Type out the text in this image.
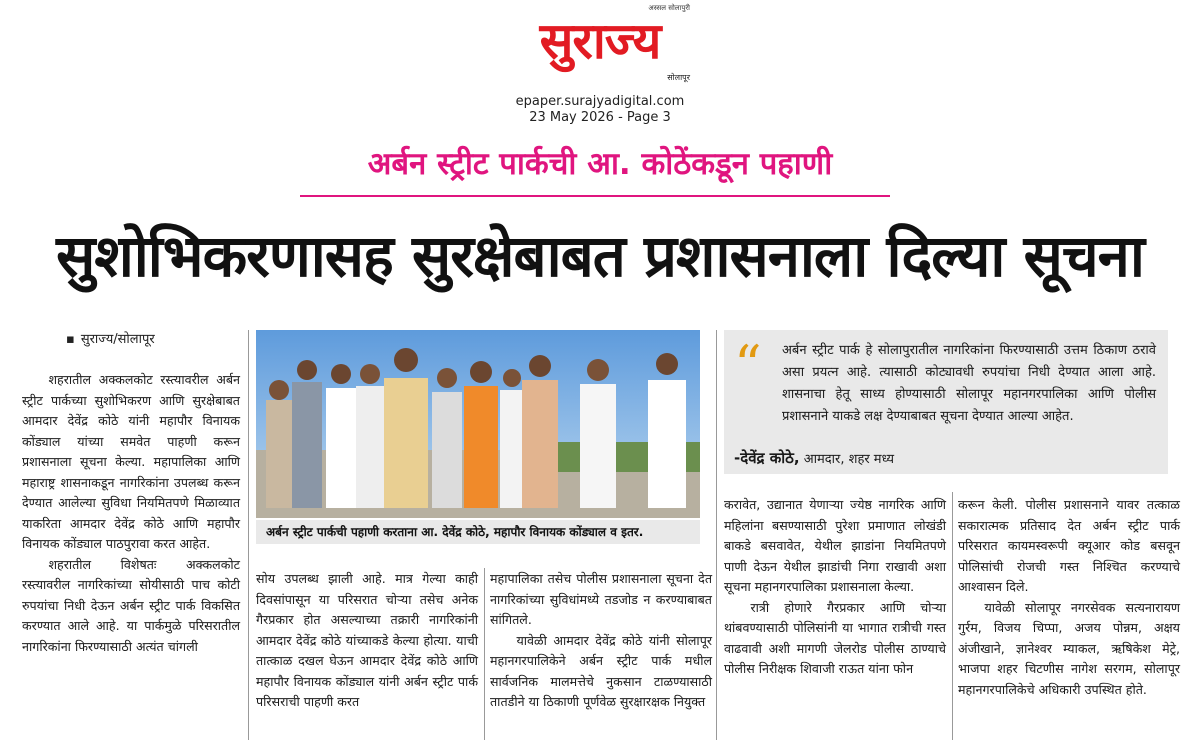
अस्सल सोलापुरी
सुराज्य
सोलापूर
epaper.surajyadigital.com
23 May 2026 - Page 3
अर्बन स्ट्रीट पार्कची आ. कोठेंकडून पहाणी
सुशोभिकरणासह सुरक्षेबाबत प्रशासनाला दिल्या सूचना
▪ सुराज्य/सोलापूर

शहरातील अक्कलकोट रस्त्यावरील अर्बन स्ट्रीट पार्कच्या सुशोभिकरण आणि सुरक्षेबाबत आमदार देवेंद्र कोठे यांनी महापौर विनायक कोंड्याल यांच्या समवेत पाहणी करून प्रशासनाला सूचना केल्या. महापालिका आणि महाराष्ट्र शासनाकडून नागरिकांना उपलब्ध करून देण्यात आलेल्या सुविधा नियमितपणे मिळाव्यात याकरिता आमदार देवेंद्र कोठे आणि महापौर विनायक कोंड्याल पाठपुरावा करत आहेत.

शहरातील विशेषतः अक्कलकोट रस्त्यावरील नागरिकांच्या सोयीसाठी पाच कोटी रुपयांचा निधी देऊन अर्बन स्ट्रीट पार्क विकसित करण्यात आले आहे. या पार्कमुळे परिसरातील नागरिकांना फिरण्यासाठी अत्यंत चांगली

अर्बन स्ट्रीट पार्कची पहाणी करताना आ. देवेंद्र कोठे, महापौर विनायक कोंड्याल व इतर.

सोय उपलब्ध झाली आहे. मात्र गेल्या काही दिवसांपासून या परिसरात चोऱ्या तसेच अनेक गैरप्रकार होत असल्याच्या तक्रारी नागरिकांनी आमदार देवेंद्र कोठे यांच्याकडे केल्या होत्या. याची तात्काळ दखल घेऊन आमदार देवेंद्र कोठे आणि महापौर विनायक कोंड्याल यांनी अर्बन स्ट्रीट पार्क परिसराची पाहणी करत

महापालिका तसेच पोलीस प्रशासनाला सूचना देत नागरिकांच्या सुविधांमध्ये तडजोड न करण्याबाबत सांगितले.

यावेळी आमदार देवेंद्र कोठे यांनी सोलापूर महानगरपालिकेने अर्बन स्ट्रीट पार्क मधील सार्वजनिक मालमत्तेचे नुकसान टाळण्यासाठी तातडीने या ठिकाणी पूर्णवेळ सुरक्षारक्षक नियुक्त

“ अर्बन स्ट्रीट पार्क हे सोलापुरातील नागरिकांना फिरण्यासाठी उत्तम ठिकाण ठरावे असा प्रयत्न आहे. त्यासाठी कोट्यावधी रुपयांचा निधी देण्यात आला आहे. शासनाचा हेतू साध्य होण्यासाठी सोलापूर महानगरपालिका आणि पोलीस प्रशासनाने याकडे लक्ष देण्याबाबत सूचना देण्यात आल्या आहेत.
-देवेंद्र कोठे, आमदार, शहर मध्य

करावेत, उद्यानात येणाऱ्या ज्येष्ठ नागरिक आणि महिलांना बसण्यासाठी पुरेशा प्रमाणात लोखंडी बाकडे बसवावेत, येथील झाडांना नियमितपणे पाणी देऊन येथील झाडांची निगा राखावी अशा सूचना महानगरपालिका प्रशासनाला केल्या.

रात्री होणारे गैरप्रकार आणि चोऱ्या थांबवण्यासाठी पोलिसांनी या भागात रात्रीची गस्त वाढवावी अशी मागणी जेलरोड पोलीस ठाण्याचे पोलीस निरीक्षक शिवाजी राऊत यांना फोन

करून केली. पोलीस प्रशासनाने यावर तत्काळ सकारात्मक प्रतिसाद देत अर्बन स्ट्रीट पार्क परिसरात कायमस्वरूपी क्यूआर कोड बसवून पोलिसांची रोजची गस्त निश्चित करण्याचे आश्वासन दिले.

यावेळी सोलापूर नगरसेवक सत्यनारायण गुर्रम, विजय चिप्पा, अजय पोन्नम, अक्षय अंजीखाने, ज्ञानेश्वर म्याकल, ऋषिकेश मेट्रे, भाजपा शहर चिटणीस नागेश सरगम, सोलापूर महानगरपालिकेचे अधिकारी उपस्थित होते.
